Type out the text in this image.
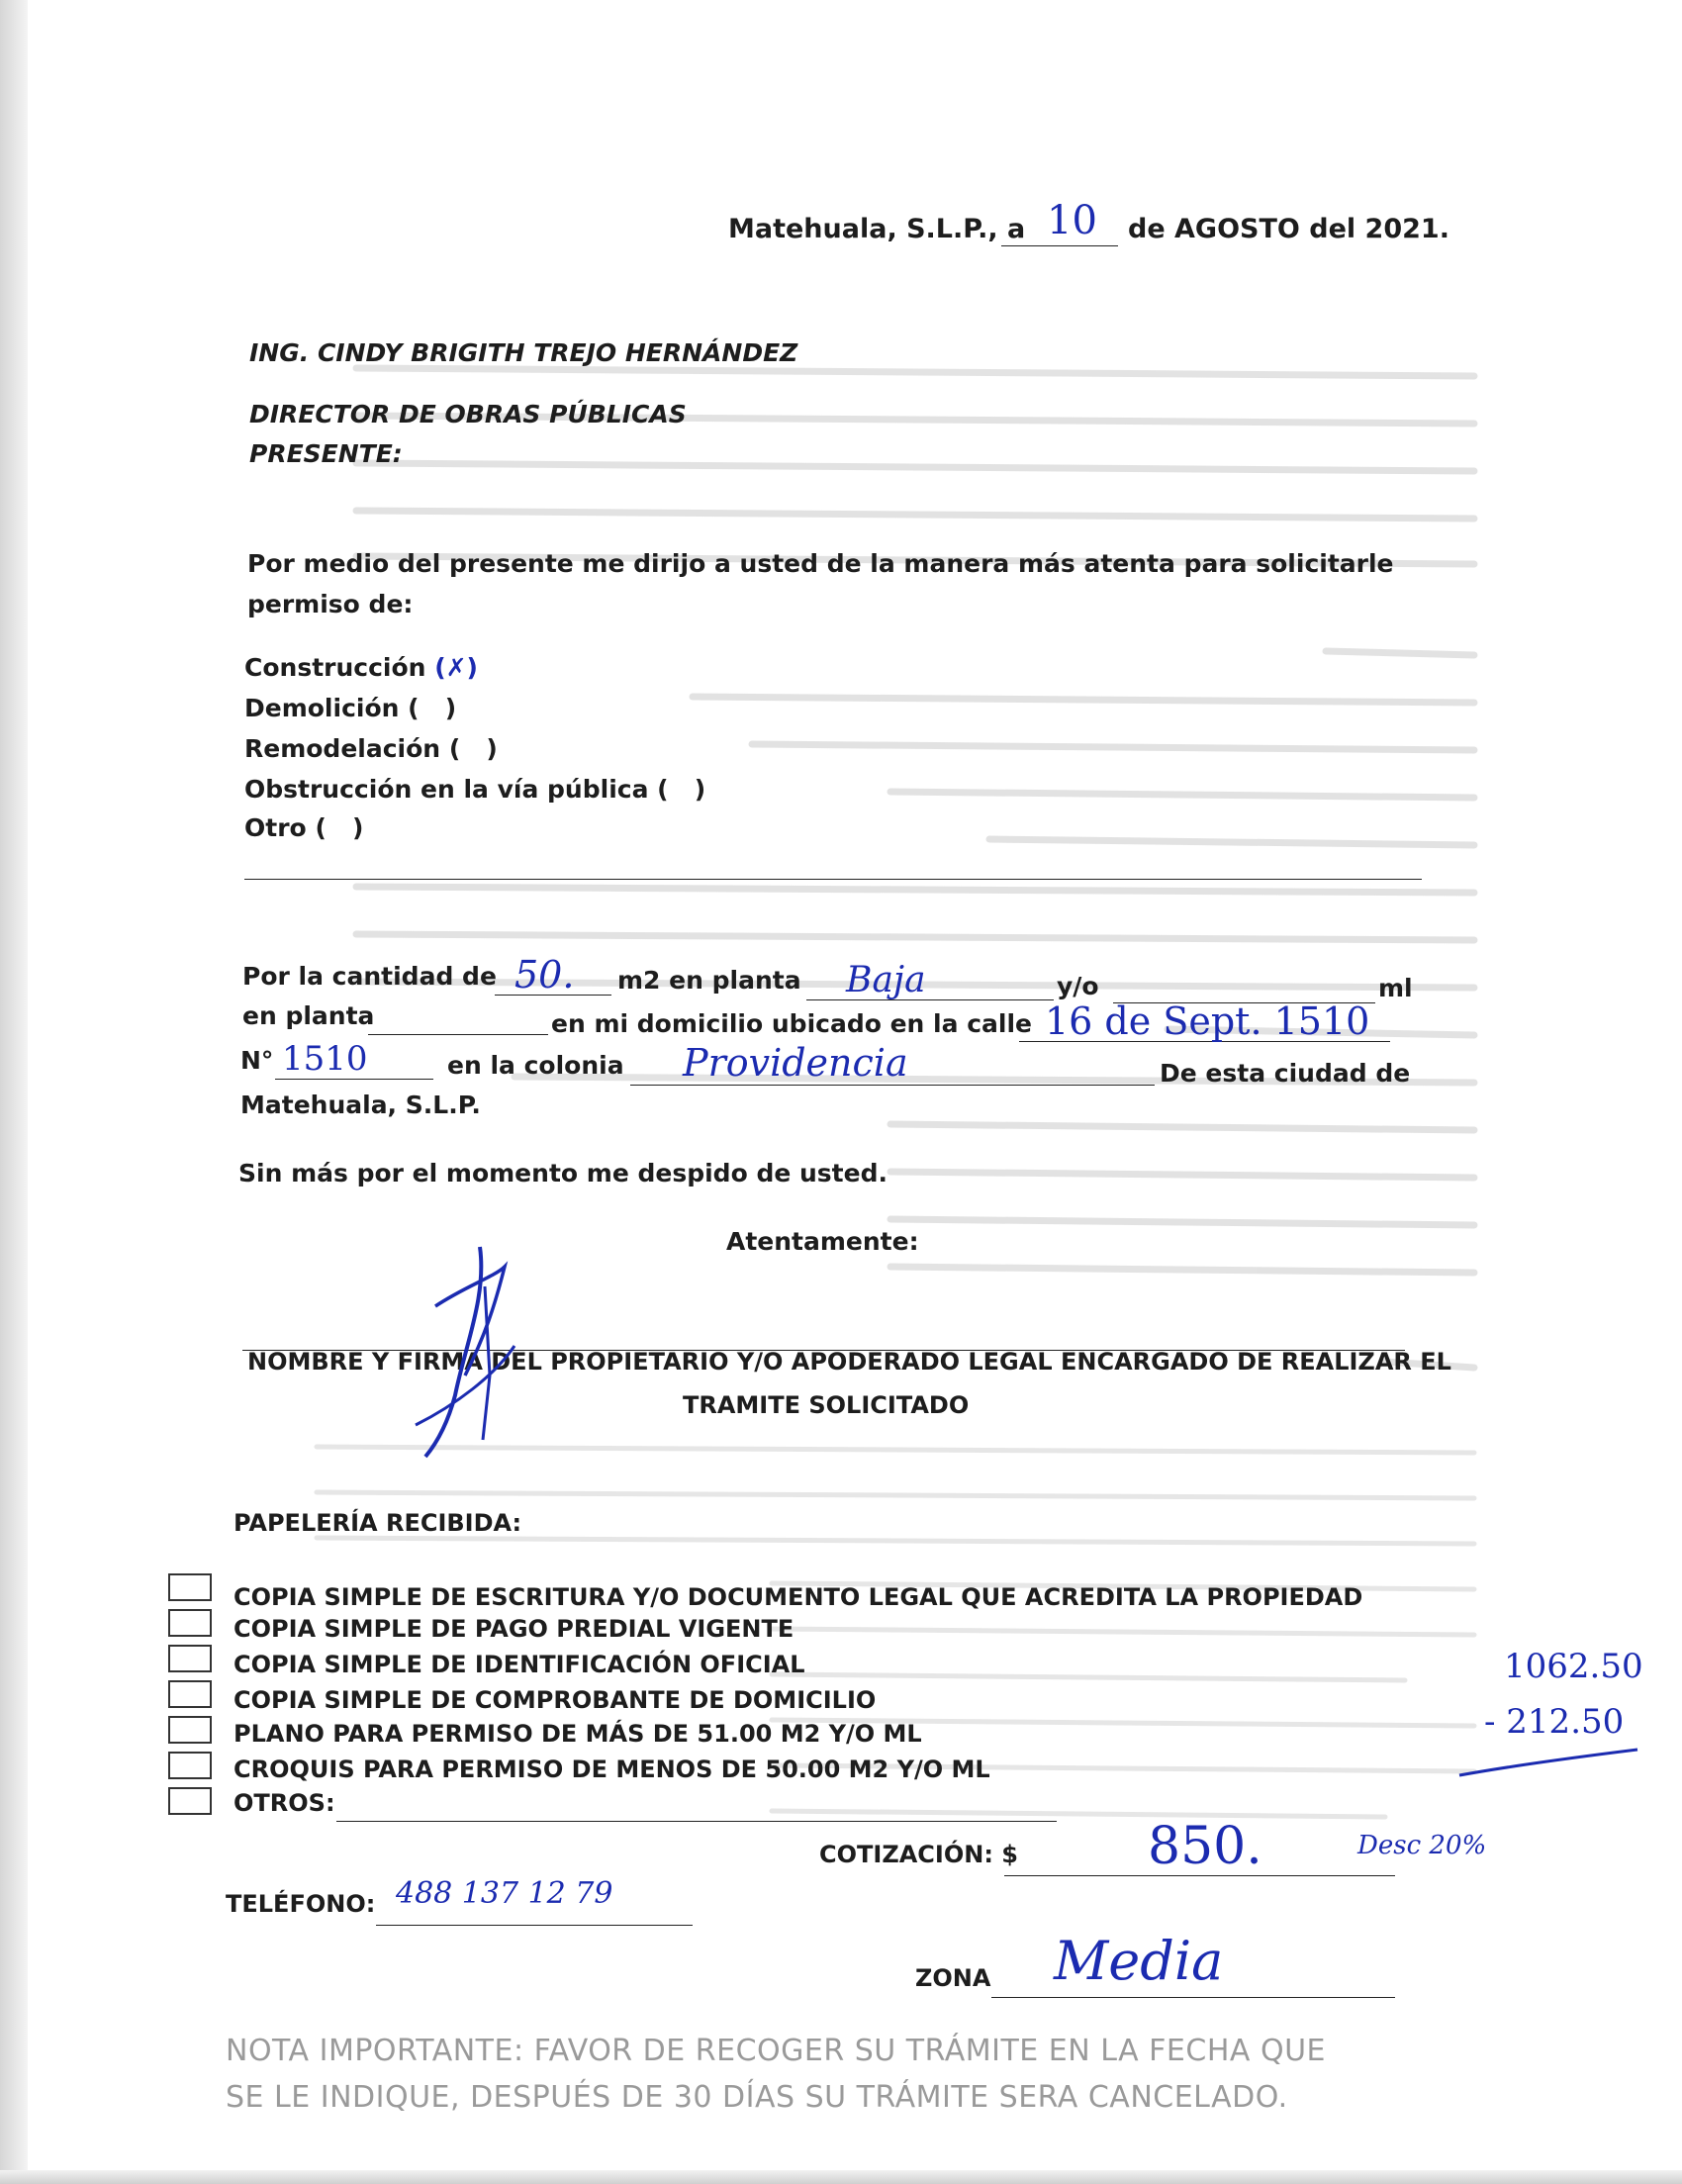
Matehuala, S.L.P., a 10 de AGOSTO del 2021.
ING. CINDY BRIGITH TREJO HERNÁNDEZ
DIRECTOR DE OBRAS PÚBLICAS
PRESENTE:
Por medio del presente me dirijo a usted de la manera más atenta para solicitarle
permiso de:
Construcción (✗)
Demolición (   )
Remodelación (   )
Obstrucción en la vía pública (   )
Otro (   )
Por la cantidad de 50. m2 en planta Baja	y/o	ml
en planta	en mi domicilio ubicado en la calle 16 de Sept. 1510
N° 1510	en la colonia Providencia	De esta ciudad de
Matehuala, S.L.P.
Sin más por el momento me despido de usted.
Atentamente:
NOMBRE Y FIRMA DEL PROPIETARIO Y/O APODERADO LEGAL ENCARGADO DE REALIZAR EL
TRAMITE SOLICITADO
PAPELERÍA RECIBIDA:
COPIA SIMPLE DE ESCRITURA Y/O DOCUMENTO LEGAL QUE ACREDITA LA PROPIEDAD
COPIA SIMPLE DE PAGO PREDIAL VIGENTE
COPIA SIMPLE DE IDENTIFICACIÓN OFICIAL
COPIA SIMPLE DE COMPROBANTE DE DOMICILIO
PLANO PARA PERMISO DE MÁS DE 51.00 M2 Y/O ML
CROQUIS PARA PERMISO DE MENOS DE 50.00 M2 Y/O ML
OTROS:
COTIZACIÓN: $	850.	Desc 20%
1062.50
- 212.50
TELÉFONO: 488 137 12 79
ZONA Media
NOTA IMPORTANTE: FAVOR DE RECOGER SU TRÁMITE EN LA FECHA QUE
SE LE INDIQUE, DESPUÉS DE 30 DÍAS SU TRÁMITE SERA CANCELADO.
